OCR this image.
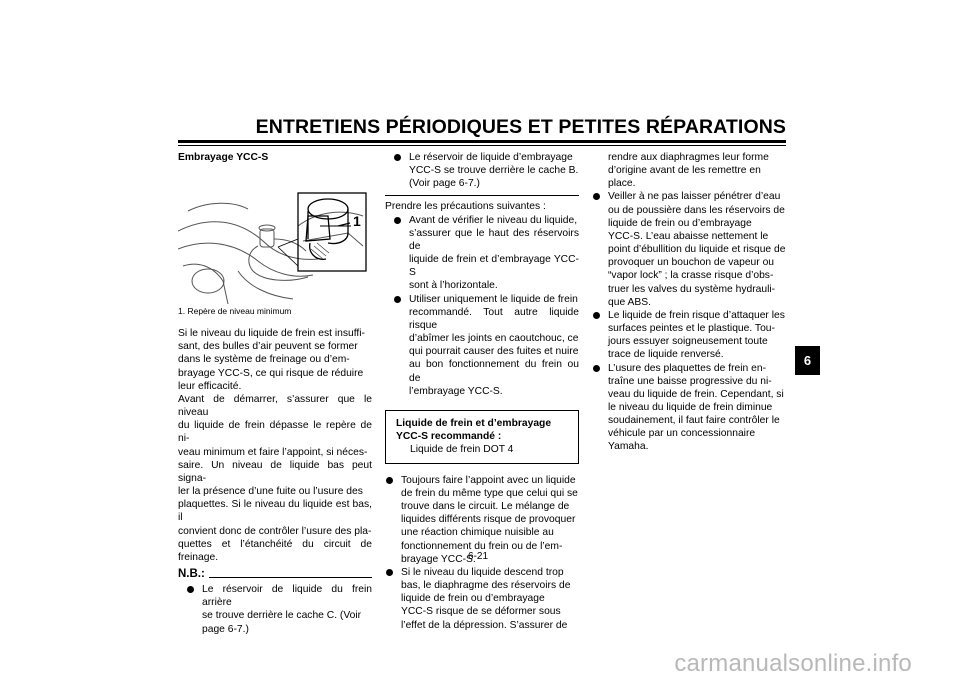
ENTRETIENS PÉRIODIQUES ET PETITES RÉPARATIONS
6
Embrayage YCC-S
1
1. Repère de niveau minimum

Si le niveau du liquide de frein est insuffi-
sant, des bulles d’air peuvent se former
dans le système de freinage ou d’em-
brayage YCC-S, ce qui risque de réduire
leur efficacité.
Avant de démarrer, s’assurer que le niveau
du liquide de frein dépasse le repère de ni-
veau minimum et faire l’appoint, si néces-
saire. Un niveau de liquide bas peut signa-
ler la présence d’une fuite ou l’usure des
plaquettes. Si le niveau du liquide est bas, il
convient donc de contrôler l’usure des pla-
quettes et l’étanchéité du circuit de freinage.

N.B.:
Le réservoir de liquide du frein arrière
se trouve derrière le cache C. (Voir
page 6-7.)
Le réservoir de liquide d’embrayage
YCC-S se trouve derrière le cache B.
(Voir page 6-7.)
Prendre les précautions suivantes :
Avant de vérifier le niveau du liquide,
s’assurer que le haut des réservoirs de
liquide de frein et d’embrayage YCC-S
sont à l’horizontale.
Utiliser uniquement le liquide de frein
recommandé. Tout autre liquide risque
d’abîmer les joints en caoutchouc, ce
qui pourrait causer des fuites et nuire
au bon fonctionnement du frein ou de
l’embrayage YCC-S.
Liquide de frein et d’embrayage
YCC-S recommandé :
Liquide de frein DOT 4
Toujours faire l’appoint avec un liquide
de frein du même type que celui qui se
trouve dans le circuit. Le mélange de
liquides différents risque de provoquer
une réaction chimique nuisible au
fonctionnement du frein ou de l’em-
brayage YCC-S.
Si le niveau du liquide descend trop
bas, le diaphragme des réservoirs de
liquide de frein ou d’embrayage
YCC-S risque de se déformer sous
l’effet de la dépression. S’assurer de
rendre aux diaphragmes leur forme
d’origine avant de les remettre en
place.
Veiller à ne pas laisser pénétrer d’eau
ou de poussière dans les réservoirs de
liquide de frein ou d’embrayage
YCC-S. L’eau abaisse nettement le
point d’ébullition du liquide et risque de
provoquer un bouchon de vapeur ou
“vapor lock” ; la crasse risque d’obs-
truer les valves du système hydrauli-
que ABS.
Le liquide de frein risque d’attaquer les
surfaces peintes et le plastique. Tou-
jours essuyer soigneusement toute
trace de liquide renversé.
L’usure des plaquettes de frein en-
traîne une baisse progressive du ni-
veau du liquide de frein. Cependant, si
le niveau du liquide de frein diminue
soudainement, il faut faire contrôler le
véhicule par un concessionnaire
Yamaha.
6-21
carmanualsonline.info
